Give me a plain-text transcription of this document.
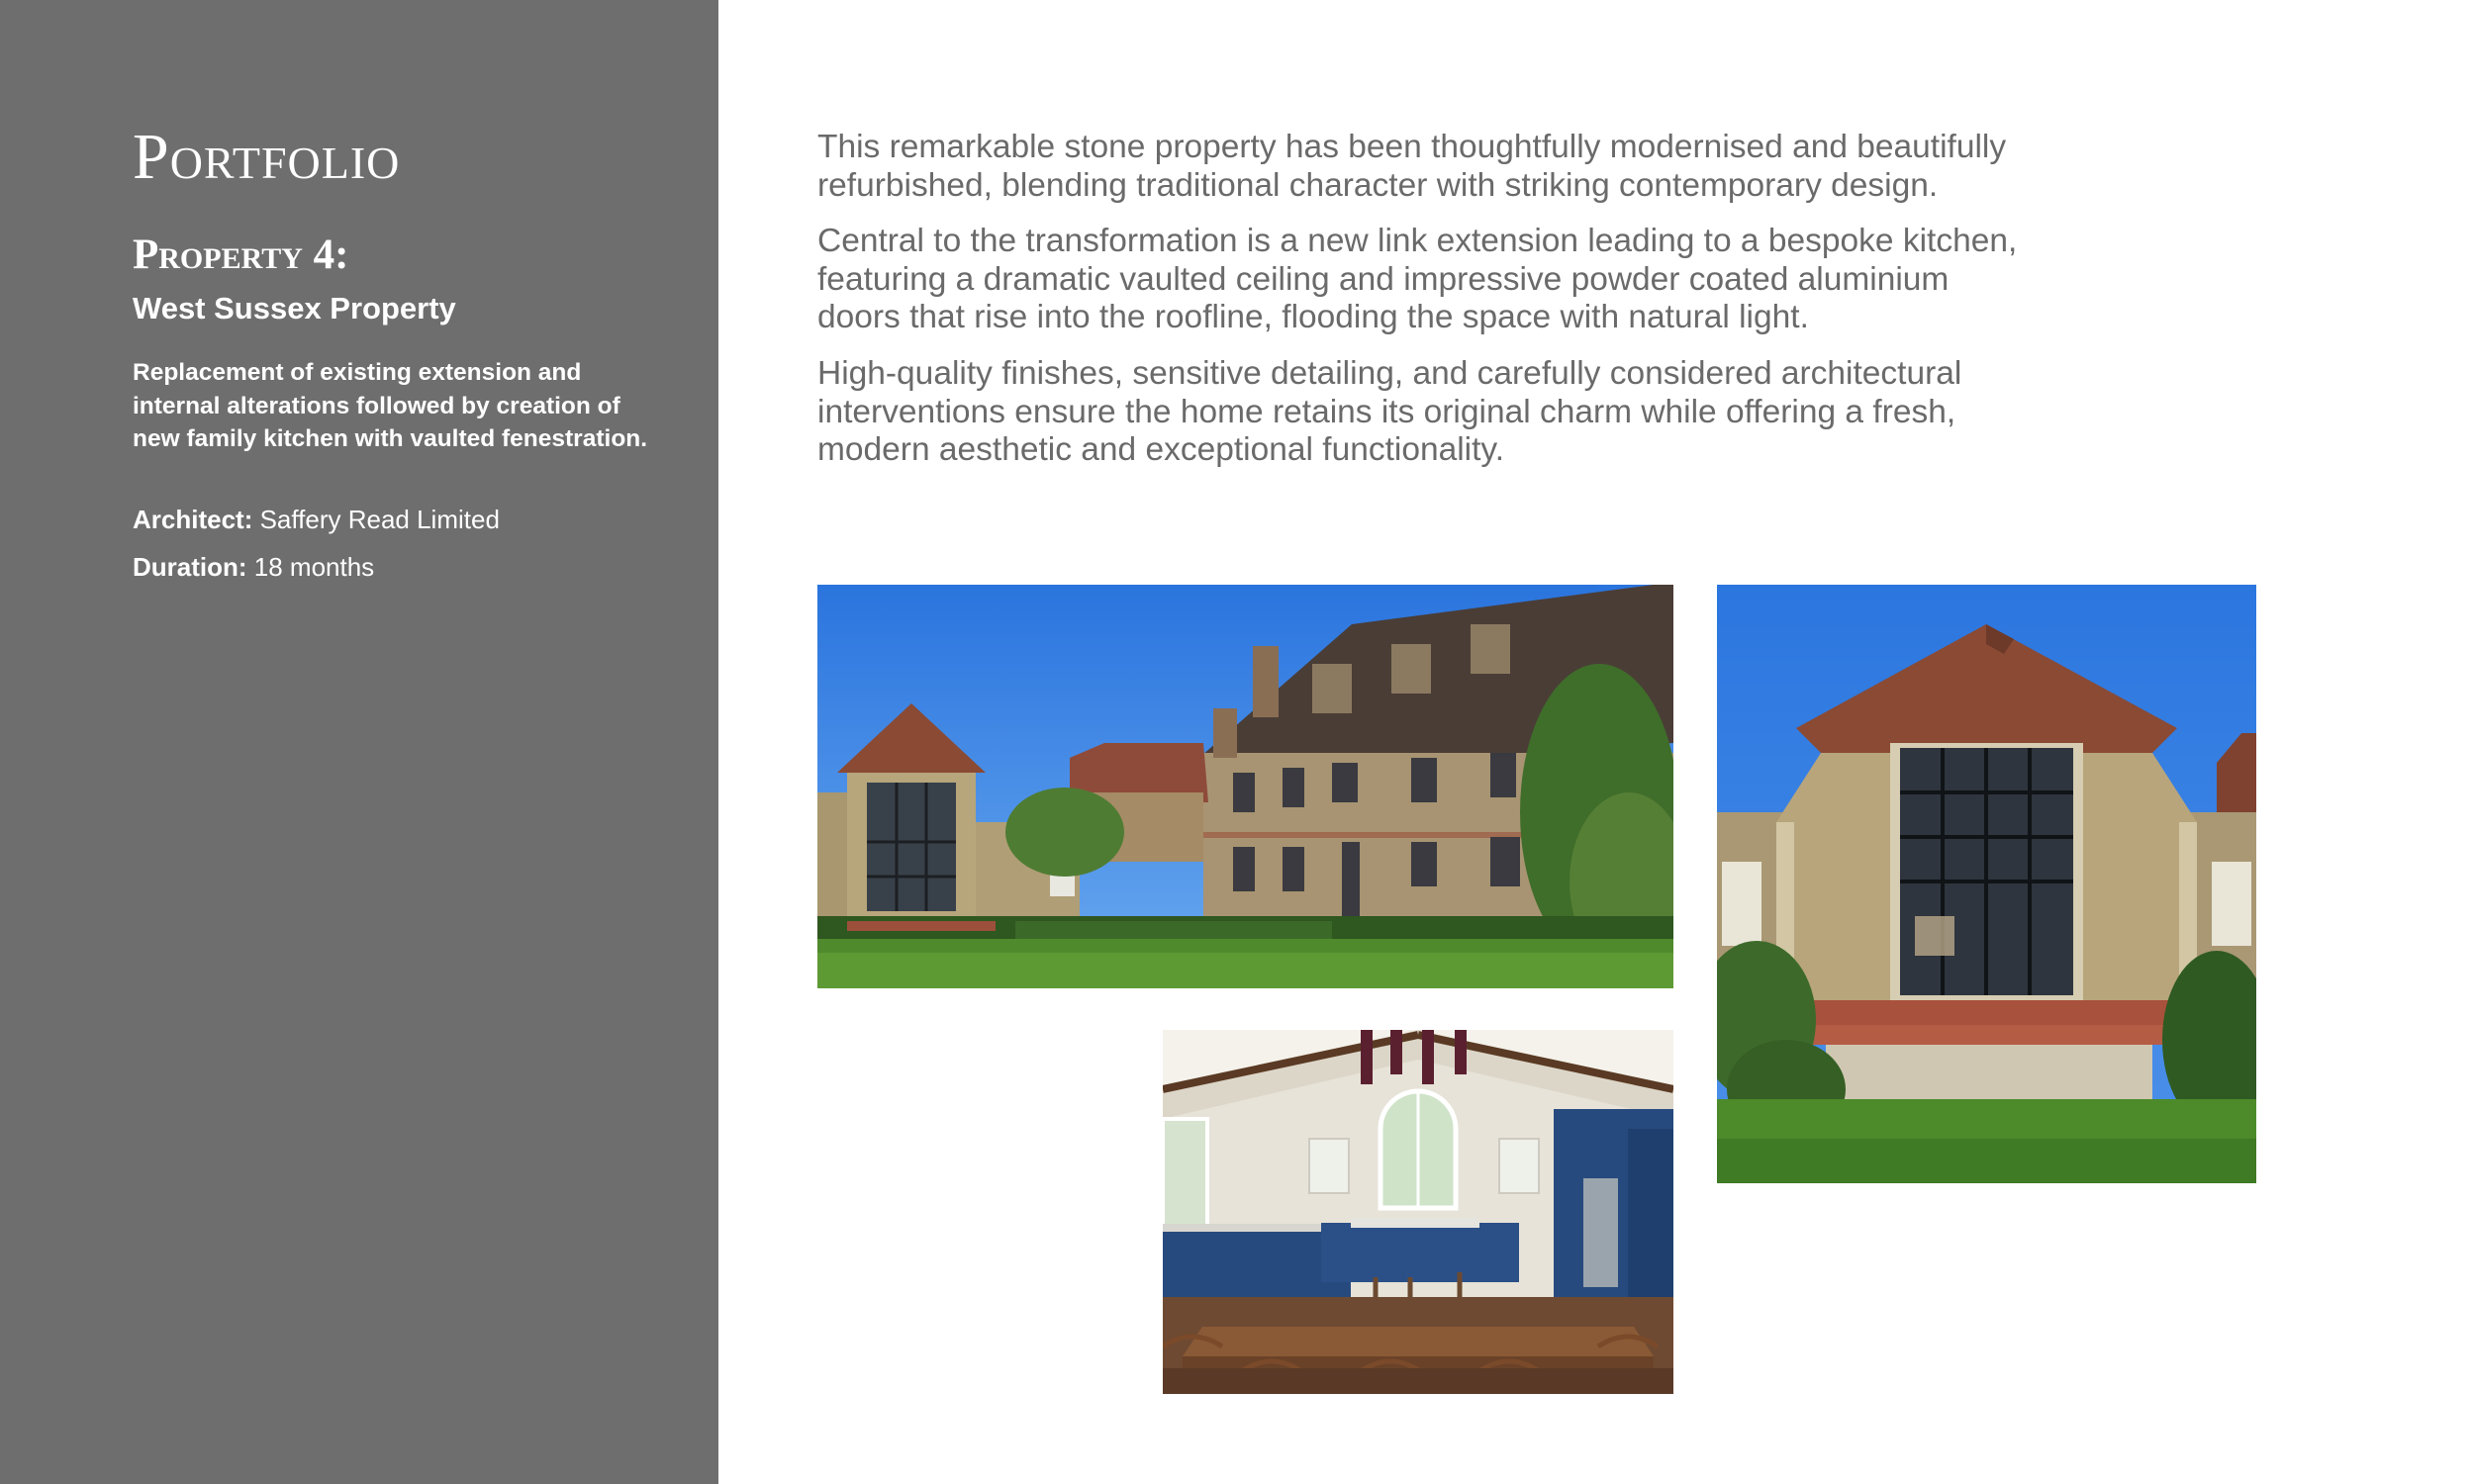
Portfolio
Property 4:
West Sussex Property

Replacement of existing extension and internal alterations followed by creation of new family kitchen with vaulted fenestration.

Architect: Saffery Read Limited

Duration: 18 months

This remarkable stone property has been thoughtfully modernised and beautifully refurbished, blending traditional character with striking contemporary design.

Central to the transformation is a new link extension leading to a bespoke kitchen, featuring a dramatic vaulted ceiling and impressive powder coated aluminium doors that rise into the roofline, flooding the space with natural light.

High-quality finishes, sensitive detailing, and carefully considered architectural interventions ensure the home retains its original charm while offering a fresh, modern aesthetic and exceptional functionality.
